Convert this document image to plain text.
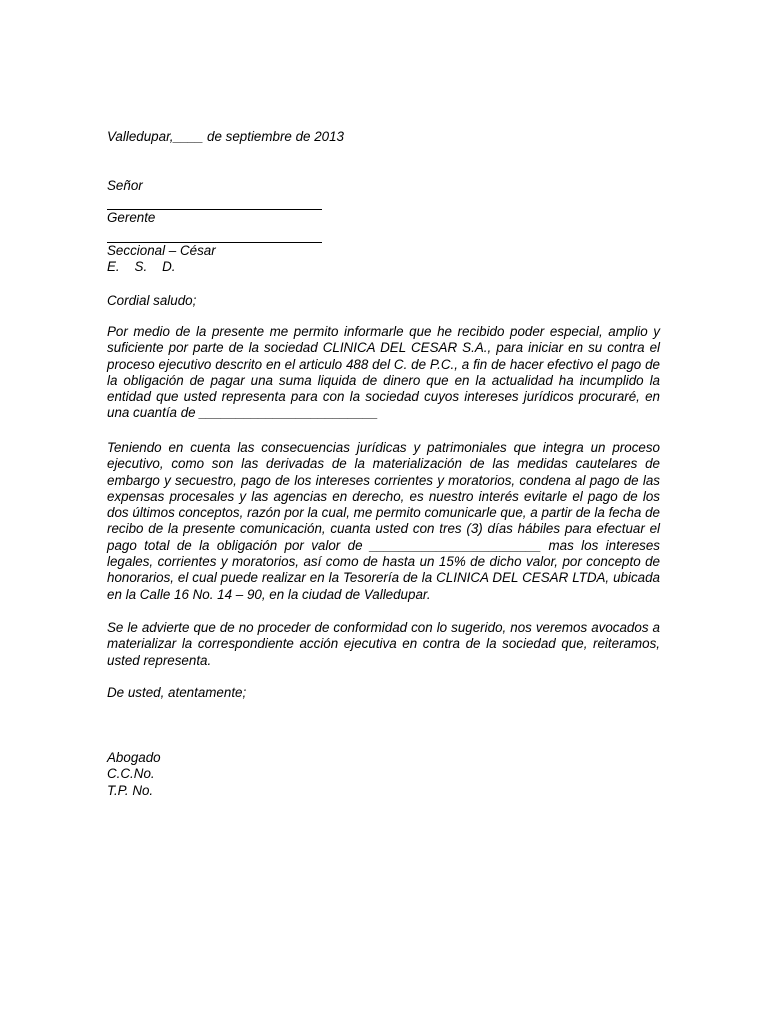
Valledupar,____ de septiembre de 2013
Señor
Gerente
Seccional – César
E.    S.    D.
Cordial saludo;

Por medio de la presente me permito informarle que he recibido poder especial, amplio y suficiente por parte de la sociedad CLINICA DEL CESAR S.A., para iniciar en su contra el proceso ejecutivo descrito en el articulo 488 del C. de P.C., a fin de hacer efectivo el pago de la obligación de pagar una suma liquida de dinero que en la actualidad ha incumplido la entidad que usted representa para con la sociedad cuyos intereses jurídicos procuraré, en una cuantía de ________________________

Teniendo en cuenta las consecuencias jurídicas y patrimoniales que integra un proceso ejecutivo, como son las derivadas de la materialización de las medidas cautelares de embargo y secuestro, pago de los intereses corrientes y moratorios, condena al pago de las expensas procesales y las agencias en derecho, es nuestro interés evitarle el pago de los dos últimos conceptos, razón por la cual, me permito comunicarle que, a partir de la fecha de recibo de la presente comunicación, cuanta usted con tres (3) días hábiles para efectuar el pago total de la obligación por valor de _______________________ mas los intereses legales, corrientes y moratorios, así como de hasta un 15% de dicho valor, por concepto de honorarios, el cual puede realizar en la Tesorería de la CLINICA DEL CESAR LTDA, ubicada en la Calle 16 No. 14 – 90, en la ciudad de Valledupar.

Se le advierte que de no proceder de conformidad con lo sugerido, nos veremos avocados a materializar la correspondiente acción ejecutiva en contra de la sociedad que, reiteramos, usted representa.

De usted, atentamente;
Abogado
C.C.No.
T.P. No.
